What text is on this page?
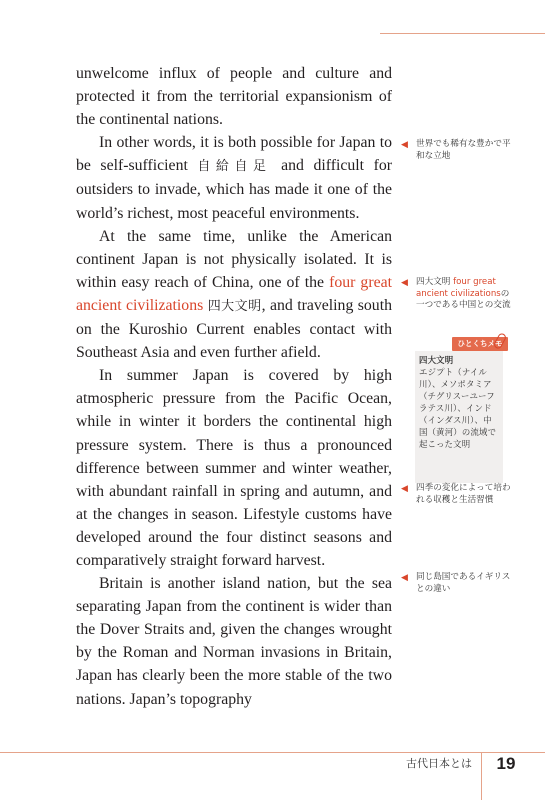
unwelcome influx of people and culture and protected it from the territorial expansionism of the continental nations.

In other words, it is both possible for Japan to be self-sufficient 自給自足 and difficult for outsiders to invade, which has made it one of the world’s richest, most peaceful environments.

At the same time, unlike the American continent Japan is not physically isolated. It is within easy reach of China, one of the four great ancient civilizations 四大文明, and traveling south on the Kuroshio Current enables contact with Southeast Asia and even further afield.

In summer Japan is covered by high atmospheric pressure from the Pacific Ocean, while in winter it borders the continental high pressure system. There is thus a pronounced difference between summer and winter weather, with abundant rainfall in spring and autumn, and at the changes in season. Lifestyle customs have developed around the four distinct seasons and comparatively straight forward harvest.

Britain is another island nation, but the sea separating Japan from the continent is wider than the Dover Straits and, given the changes wrought by the Roman and Norman invasions in Britain, Japan has clearly been the more stable of the two nations. Japan’s topography

◀ 世界でも稀有な豊かで平和な立地
◀ 四大文明 four great ancient civilizationsの一つである中国との交流
ひとくちメモ
四大文明
エジプト（ナイル川）、メソポタミア（チグリスーユーフラテス川）、インド（インダス川）、中国（黄河）の流域で起こった文明
◀ 四季の変化によって培われる収穫と生活習慣
◀ 同じ島国であるイギリスとの違い
古代日本とは	19
